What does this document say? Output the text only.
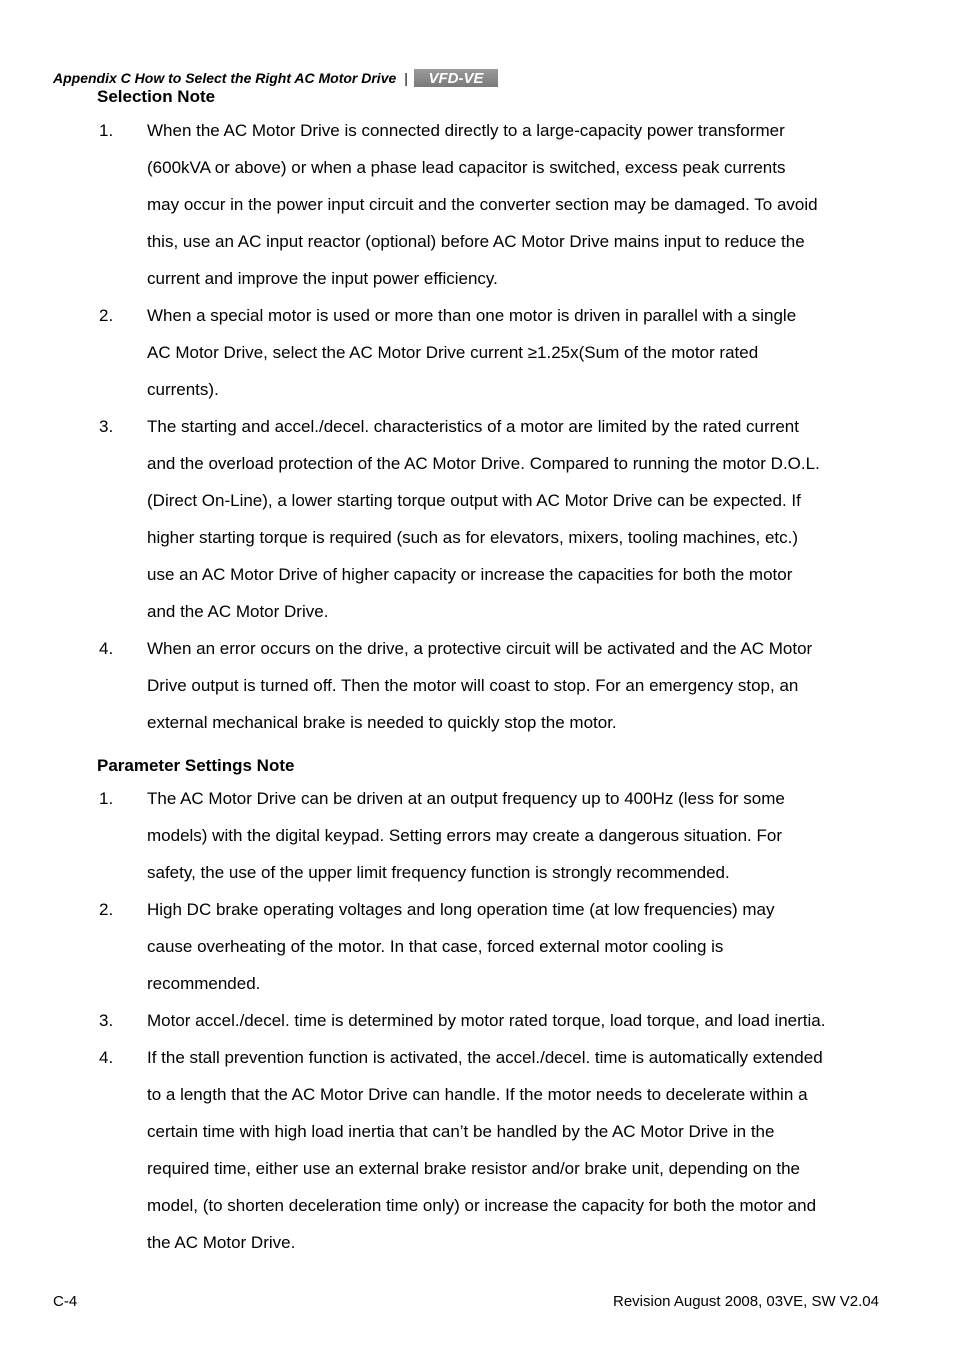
Appendix C How to Select the Right AC Motor Drive | VFD-VE
Selection Note
1. When the AC Motor Drive is connected directly to a large-capacity power transformer
(600kVA or above) or when a phase lead capacitor is switched, excess peak currents
may occur in the power input circuit and the converter section may be damaged. To avoid
this, use an AC input reactor (optional) before AC Motor Drive mains input to reduce the
current and improve the input power efficiency.
2. When a special motor is used or more than one motor is driven in parallel with a single
AC Motor Drive, select the AC Motor Drive current ≥1.25x(Sum of the motor rated
currents).
3. The starting and accel./decel. characteristics of a motor are limited by the rated current
and the overload protection of the AC Motor Drive. Compared to running the motor D.O.L.
(Direct On-Line), a lower starting torque output with AC Motor Drive can be expected. If
higher starting torque is required (such as for elevators, mixers, tooling machines, etc.)
use an AC Motor Drive of higher capacity or increase the capacities for both the motor
and the AC Motor Drive.
4. When an error occurs on the drive, a protective circuit will be activated and the AC Motor
Drive output is turned off. Then the motor will coast to stop. For an emergency stop, an
external mechanical brake is needed to quickly stop the motor.
Parameter Settings Note
1. The AC Motor Drive can be driven at an output frequency up to 400Hz (less for some
models) with the digital keypad. Setting errors may create a dangerous situation. For
safety, the use of the upper limit frequency function is strongly recommended.
2. High DC brake operating voltages and long operation time (at low frequencies) may
cause overheating of the motor. In that case, forced external motor cooling is
recommended.
3. Motor accel./decel. time is determined by motor rated torque, load torque, and load inertia.
4. If the stall prevention function is activated, the accel./decel. time is automatically extended
to a length that the AC Motor Drive can handle. If the motor needs to decelerate within a
certain time with high load inertia that can’t be handled by the AC Motor Drive in the
required time, either use an external brake resistor and/or brake unit, depending on the
model, (to shorten deceleration time only) or increase the capacity for both the motor and
the AC Motor Drive.
C-4	Revision August 2008, 03VE, SW V2.04
